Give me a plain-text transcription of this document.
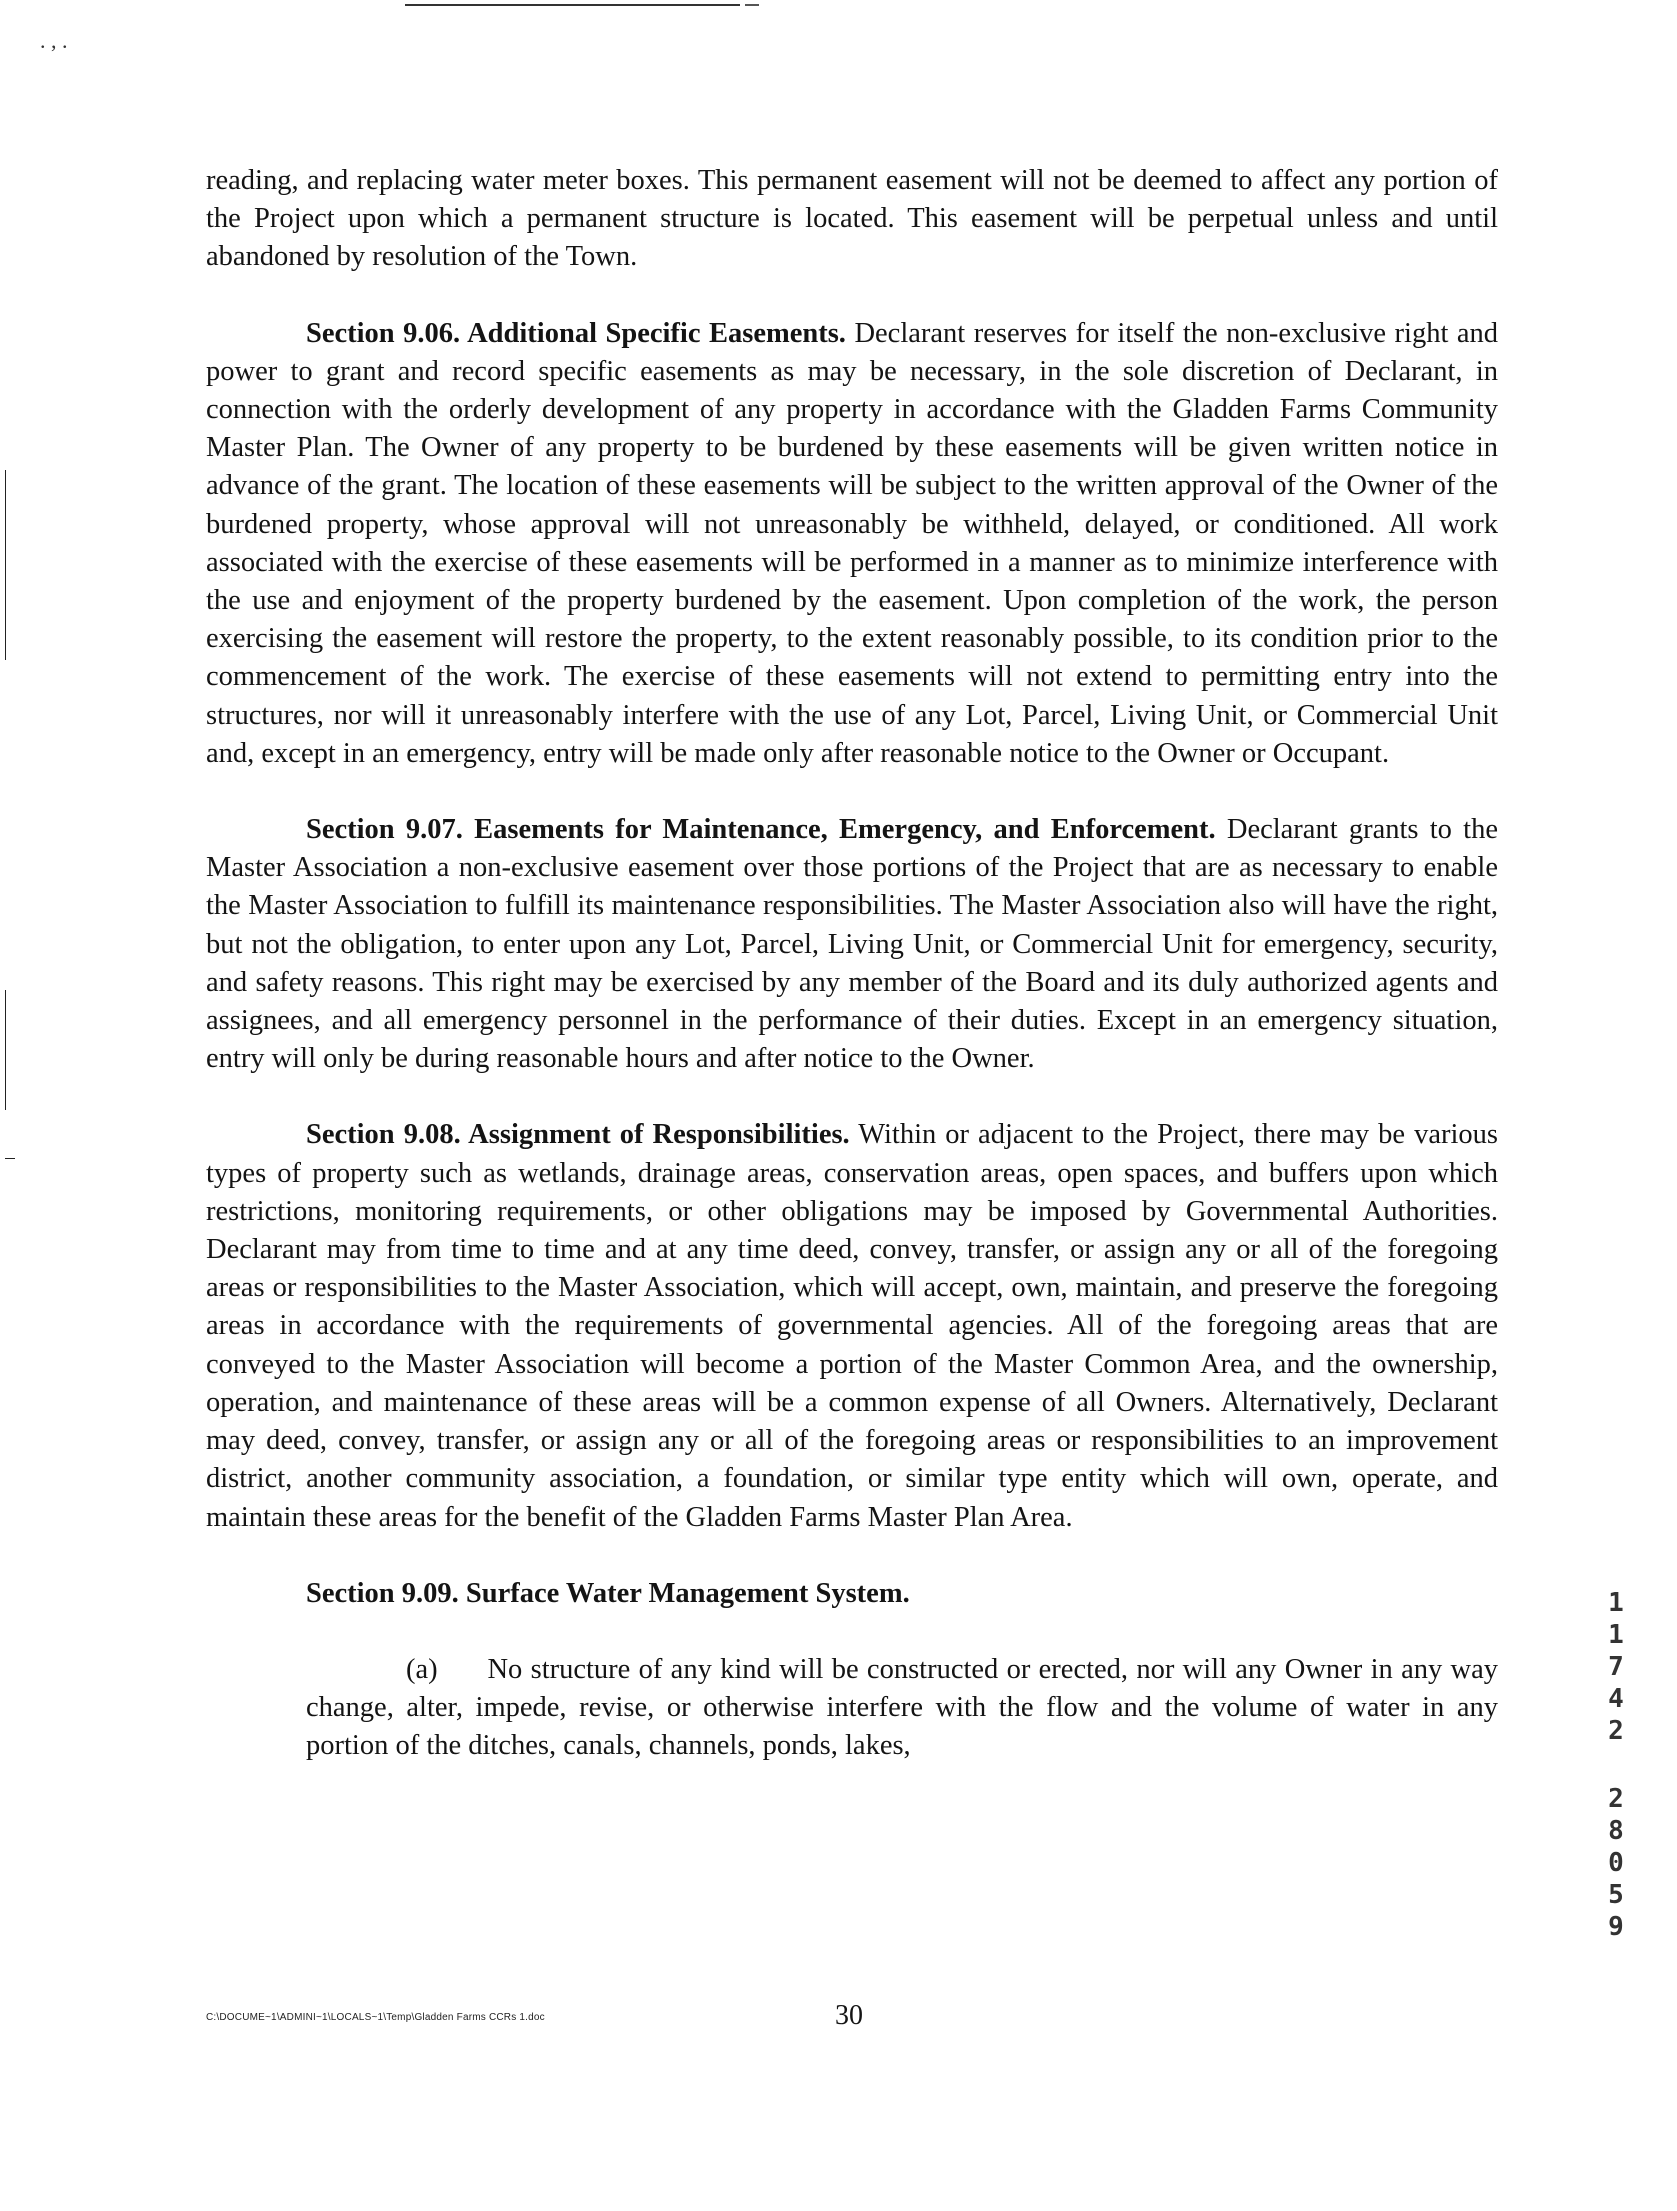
. , .

reading, and replacing water meter boxes. This permanent easement will not be deemed to affect any portion of the Project upon which a permanent structure is located. This easement will be perpetual unless and until abandoned by resolution of the Town.

Section 9.06. Additional Specific Easements. Declarant reserves for itself the non-exclusive right and power to grant and record specific easements as may be necessary, in the sole discretion of Declarant, in connection with the orderly development of any property in accordance with the Gladden Farms Community Master Plan. The Owner of any property to be burdened by these easements will be given written notice in advance of the grant. The location of these easements will be subject to the written approval of the Owner of the burdened property, whose approval will not unreasonably be withheld, delayed, or conditioned. All work associated with the exercise of these easements will be performed in a manner as to minimize interference with the use and enjoyment of the property burdened by the easement. Upon completion of the work, the person exercising the easement will restore the property, to the extent reasonably possible, to its condition prior to the commencement of the work. The exercise of these easements will not extend to permitting entry into the structures, nor will it unreasonably interfere with the use of any Lot, Parcel, Living Unit, or Commercial Unit and, except in an emergency, entry will be made only after reasonable notice to the Owner or Occupant.

Section 9.07. Easements for Maintenance, Emergency, and Enforcement. Declarant grants to the Master Association a non-exclusive easement over those portions of the Project that are as necessary to enable the Master Association to fulfill its maintenance responsibilities. The Master Association also will have the right, but not the obligation, to enter upon any Lot, Parcel, Living Unit, or Commercial Unit for emergency, security, and safety reasons. This right may be exercised by any member of the Board and its duly authorized agents and assignees, and all emergency personnel in the performance of their duties. Except in an emergency situation, entry will only be during reasonable hours and after notice to the Owner.

Section 9.08. Assignment of Responsibilities. Within or adjacent to the Project, there may be various types of property such as wetlands, drainage areas, conservation areas, open spaces, and buffers upon which restrictions, monitoring requirements, or other obligations may be imposed by Governmental Authorities. Declarant may from time to time and at any time deed, convey, transfer, or assign any or all of the foregoing areas or responsibilities to the Master Association, which will accept, own, maintain, and preserve the foregoing areas in accordance with the requirements of governmental agencies. All of the foregoing areas that are conveyed to the Master Association will become a portion of the Master Common Area, and the ownership, operation, and maintenance of these areas will be a common expense of all Owners. Alternatively, Declarant may deed, convey, transfer, or assign any or all of the foregoing areas or responsibilities to an improvement district, another community association, a foundation, or similar type entity which will own, operate, and maintain these areas for the benefit of the Gladden Farms Master Plan Area.

Section 9.09. Surface Water Management System.

(a) No structure of any kind will be constructed or erected, nor will any Owner in any way change, alter, impede, revise, or otherwise interfere with the flow and the volume of water in any portion of the ditches, canals, channels, ponds, lakes,	11742
2805
9
C:\DOCUME~1\ADMINI~1\LOCALS~1\Temp\Gladden Farms CCRs 1.doc	30
